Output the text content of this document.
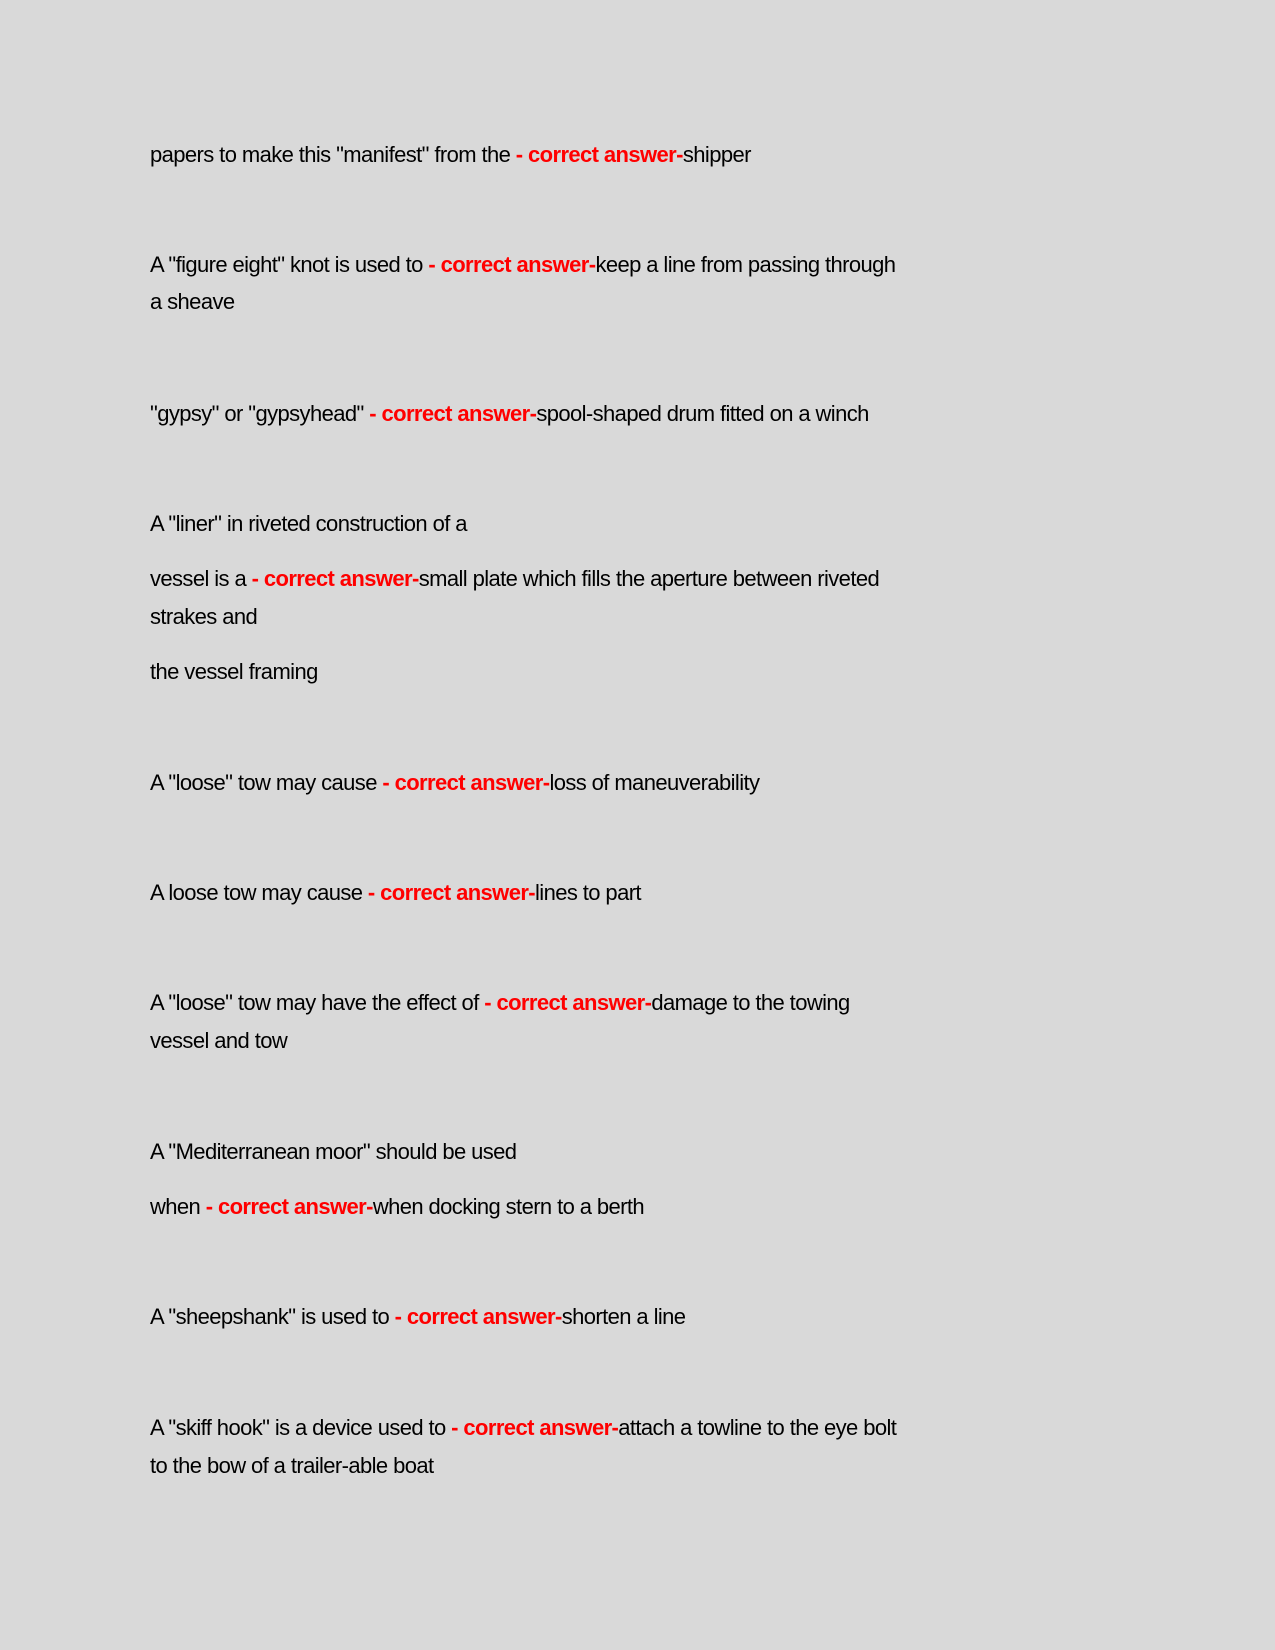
papers to make this "manifest" from the - correct answer-shipper
A "figure eight" knot is used to - correct answer-keep a line from passing through
a sheave
"gypsy" or "gypsyhead" - correct answer-spool-shaped drum fitted on a winch
A "liner" in riveted construction of a
vessel is a - correct answer-small plate which fills the aperture between riveted
strakes and
the vessel framing
A "loose" tow may cause - correct answer-loss of maneuverability
A loose tow may cause - correct answer-lines to part
A "loose" tow may have the effect of - correct answer-damage to the towing
vessel and tow
A "Mediterranean moor" should be used
when - correct answer-when docking stern to a berth
A "sheepshank" is used to - correct answer-shorten a line
A "skiff hook" is a device used to - correct answer-attach a towline to the eye bolt
to the bow of a trailer-able boat
